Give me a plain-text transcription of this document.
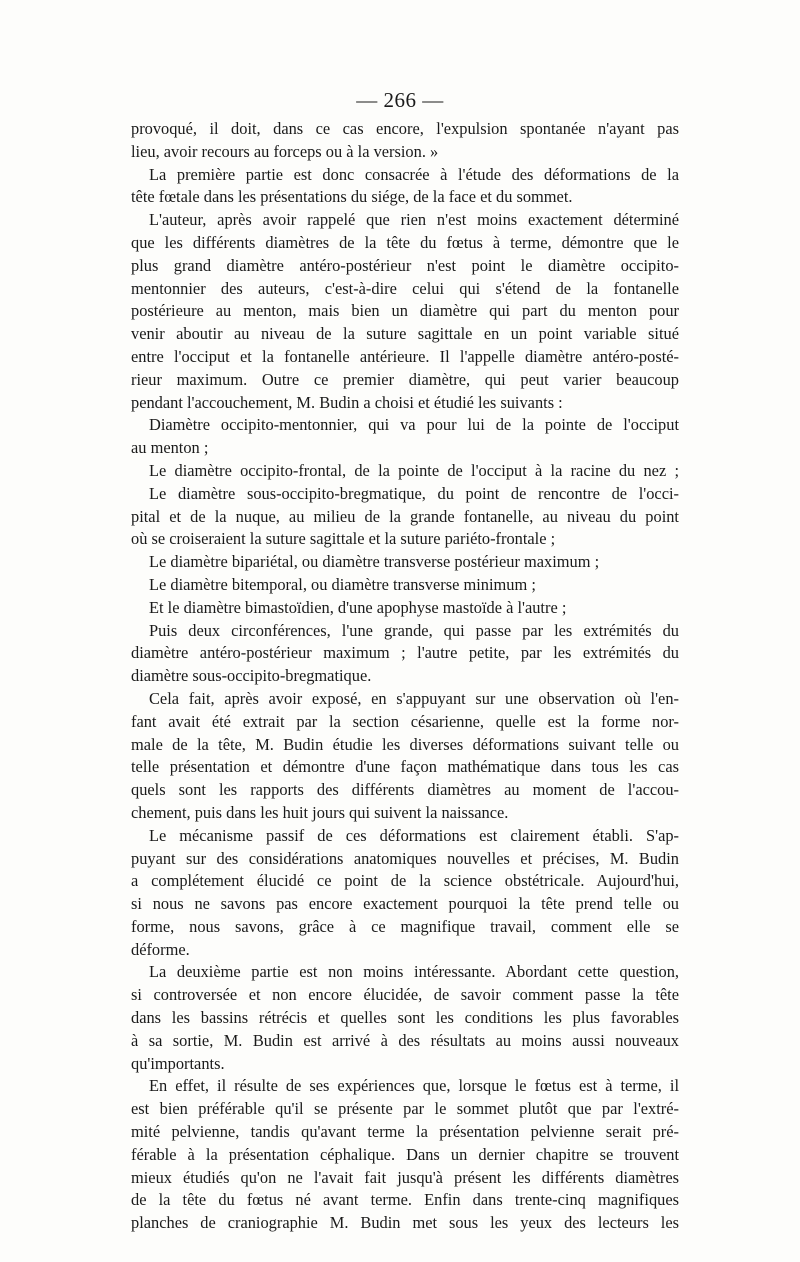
— 266 —
provoqué, il doit, dans ce cas encore, l'expulsion spontanée n'ayant pas
lieu, avoir recours au forceps ou à la version. »
La première partie est donc consacrée à l'étude des déformations de la
tête fœtale dans les présentations du siége, de la face et du sommet.
L'auteur, après avoir rappelé que rien n'est moins exactement déterminé
que les différents diamètres de la tête du fœtus à terme, démontre que le
plus grand diamètre antéro-postérieur n'est point le diamètre occipito-
mentonnier des auteurs, c'est-à-dire celui qui s'étend de la fontanelle
postérieure au menton, mais bien un diamètre qui part du menton pour
venir aboutir au niveau de la suture sagittale en un point variable situé
entre l'occiput et la fontanelle antérieure. Il l'appelle diamètre antéro-posté-
rieur maximum. Outre ce premier diamètre, qui peut varier beaucoup
pendant l'accouchement, M. Budin a choisi et étudié les suivants :
Diamètre occipito-mentonnier, qui va pour lui de la pointe de l'occiput
au menton ;
Le diamètre occipito-frontal, de la pointe de l'occiput à la racine du nez ;
Le diamètre sous-occipito-bregmatique, du point de rencontre de l'occi-
pital et de la nuque, au milieu de la grande fontanelle, au niveau du point
où se croiseraient la suture sagittale et la suture pariéto-frontale ;
Le diamètre bipariétal, ou diamètre transverse postérieur maximum ;
Le diamètre bitemporal, ou diamètre transverse minimum ;
Et le diamètre bimastoïdien, d'une apophyse mastoïde à l'autre ;
Puis deux circonférences, l'une grande, qui passe par les extrémités du
diamètre antéro-postérieur maximum ; l'autre petite, par les extrémités du
diamètre sous-occipito-bregmatique.
Cela fait, après avoir exposé, en s'appuyant sur une observation où l'en-
fant avait été extrait par la section césarienne, quelle est la forme nor-
male de la tête, M. Budin étudie les diverses déformations suivant telle ou
telle présentation et démontre d'une façon mathématique dans tous les cas
quels sont les rapports des différents diamètres au moment de l'accou-
chement, puis dans les huit jours qui suivent la naissance.
Le mécanisme passif de ces déformations est clairement établi. S'ap-
puyant sur des considérations anatomiques nouvelles et précises, M. Budin
a complétement élucidé ce point de la science obstétricale. Aujourd'hui,
si nous ne savons pas encore exactement pourquoi la tête prend telle ou
forme, nous savons, grâce à ce magnifique travail, comment elle se
déforme.
La deuxième partie est non moins intéressante. Abordant cette question,
si controversée et non encore élucidée, de savoir comment passe la tête
dans les bassins rétrécis et quelles sont les conditions les plus favorables
à sa sortie, M. Budin est arrivé à des résultats au moins aussi nouveaux
qu'importants.
En effet, il résulte de ses expériences que, lorsque le fœtus est à terme, il
est bien préférable qu'il se présente par le sommet plutôt que par l'extré-
mité pelvienne, tandis qu'avant terme la présentation pelvienne serait pré-
férable à la présentation céphalique. Dans un dernier chapitre se trouvent
mieux étudiés qu'on ne l'avait fait jusqu'à présent les différents diamètres
de la tête du fœtus né avant terme. Enfin dans trente-cinq magnifiques
planches de craniographie M. Budin met sous les yeux des lecteurs les
